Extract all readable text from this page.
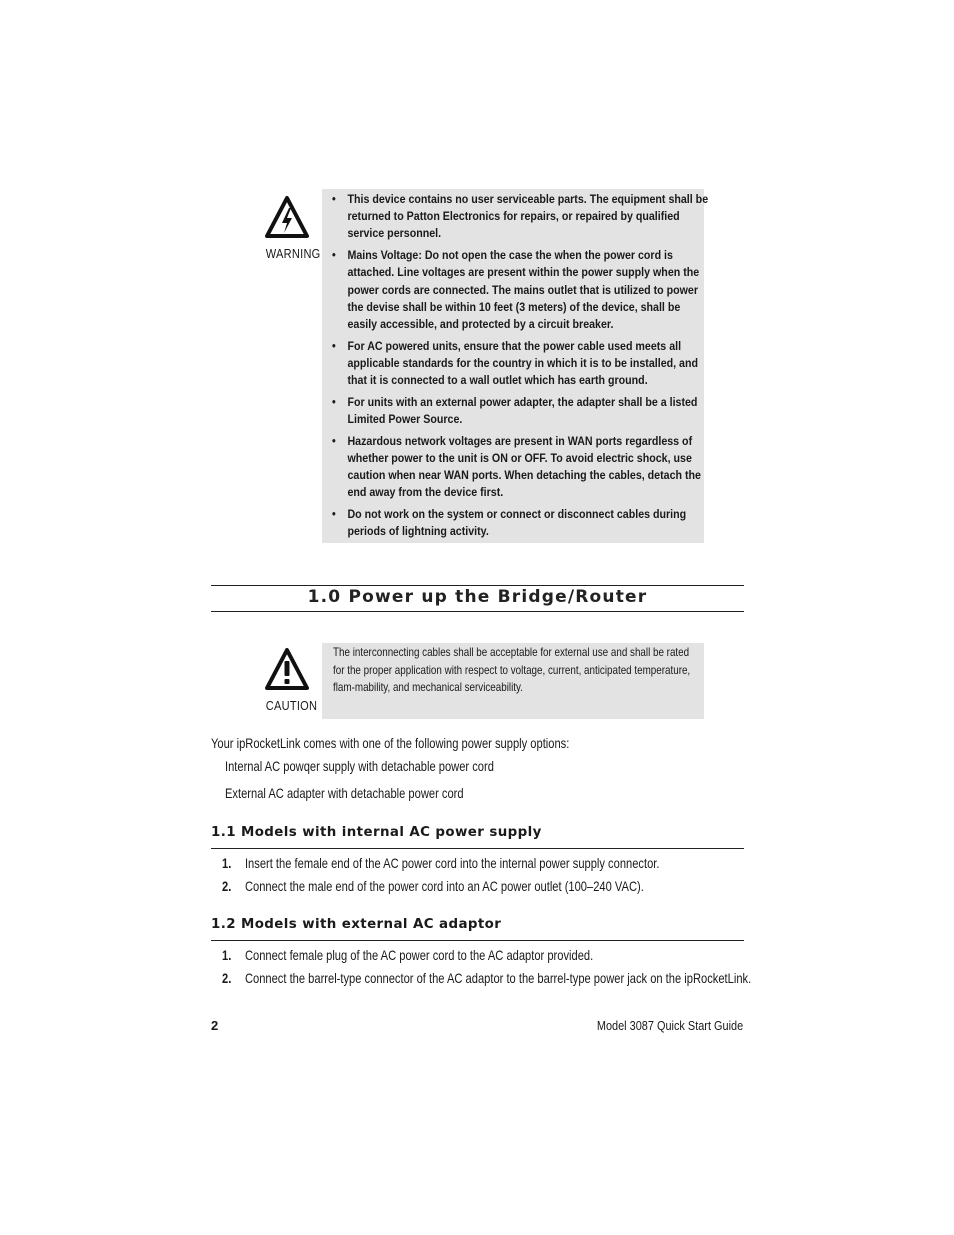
WARNING
• This device contains no user serviceable parts. The equipment shall be returned to Patton Electronics for repairs, or repaired by qualified service personnel.
• Mains Voltage: Do not open the case the when the power cord is attached. Line voltages are present within the power supply when the power cords are connected. The mains outlet that is utilized to power the devise shall be within 10 feet (3 meters) of the device, shall be easily accessible, and protected by a circuit breaker.
• For AC powered units, ensure that the power cable used meets all applicable standards for the country in which it is to be installed, and that it is connected to a wall outlet which has earth ground.
• For units with an external power adapter, the adapter shall be a listed Limited Power Source.
• Hazardous network voltages are present in WAN ports regardless of whether power to the unit is ON or OFF. To avoid electric shock, use caution when near WAN ports. When detaching the cables, detach the end away from the device first.
• Do not work on the system or connect or disconnect cables during periods of lightning activity.
1.0 Power up the Bridge/Router
CAUTION

The interconnecting cables shall be acceptable for external use and shall be rated for the proper application with respect to voltage, current, anticipated temperature, flam-mability, and mechanical serviceability.

Your ipRocketLink comes with one of the following power supply options:
Internal AC powqer supply with detachable power cord
External AC adapter with detachable power cord
1.1 Models with internal AC power supply
1. Insert the female end of the AC power cord into the internal power supply connector.
2. Connect the male end of the power cord into an AC power outlet (100–240 VAC).
1.2 Models with external AC adaptor
1. Connect female plug of the AC power cord to the AC adaptor provided.
2. Connect the barrel-type connector of the AC adaptor to the barrel-type power jack on the ipRocketLink.
2	Model 3087 Quick Start Guide
